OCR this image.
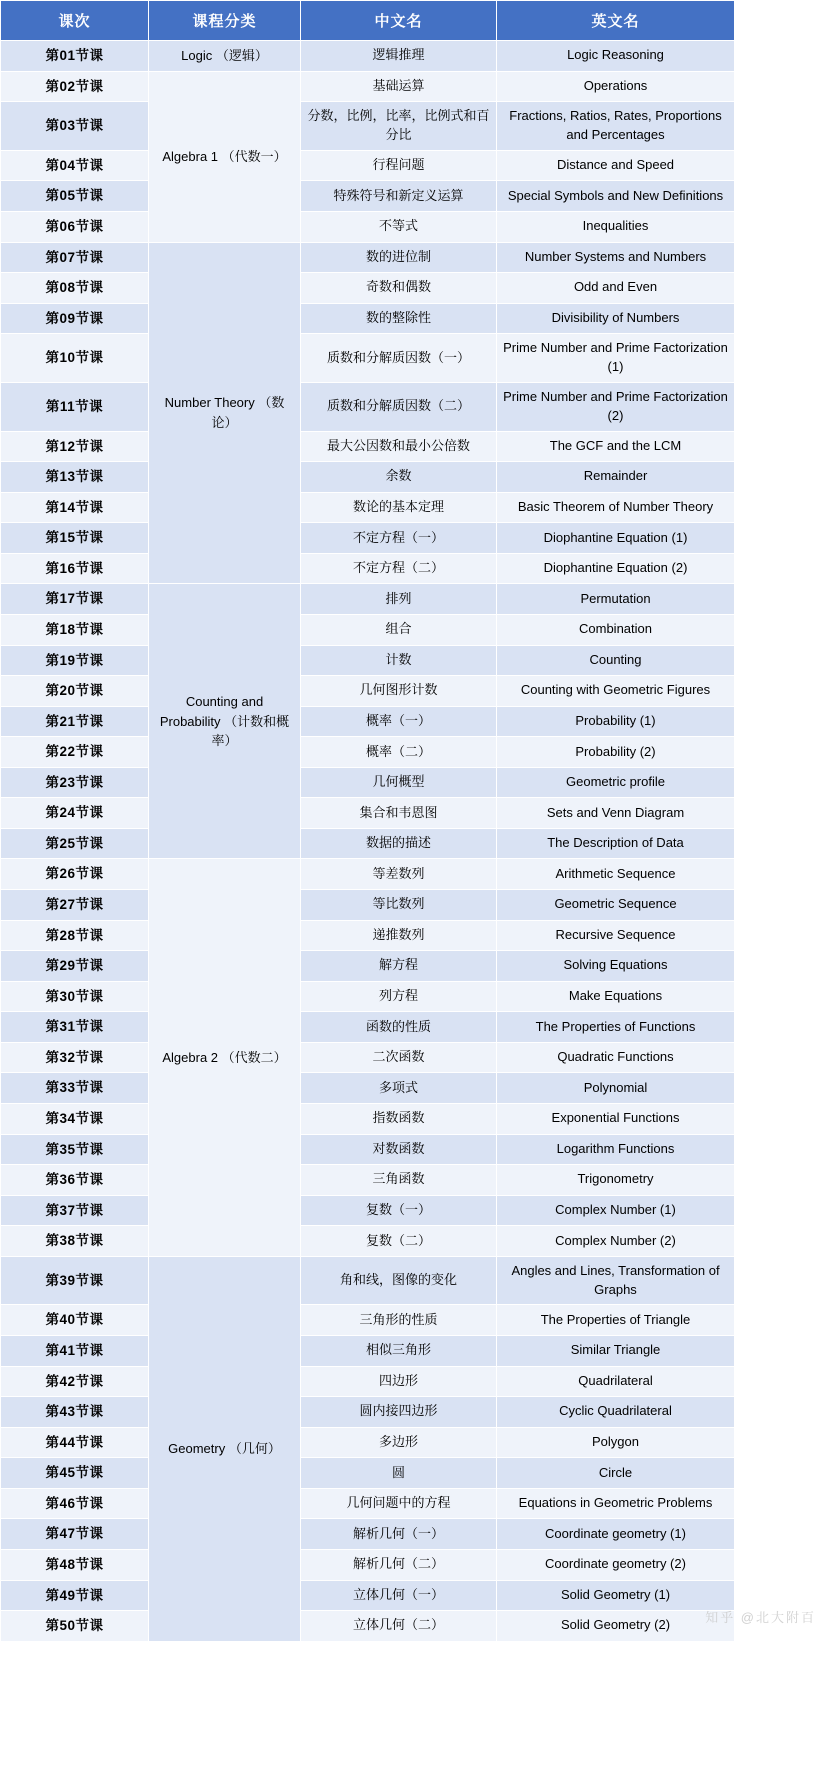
课次	课程分类	中文名	英文名
第01节课	Logic （逻辑）	逻辑推理	Logic Reasoning
第02节课	Algebra 1 （代数一）	基础运算	Operations
第03节课		分数，比例，比率，比例式和百分比	Fractions, Ratios, Rates, Proportions and Percentages
第04节课		行程问题	Distance and Speed
第05节课		特殊符号和新定义运算	Special Symbols and New Definitions
第06节课		不等式	Inequalities
第07节课	Number Theory （数论）	数的进位制	Number Systems and Numbers
第08节课		奇数和偶数	Odd and Even
第09节课		数的整除性	Divisibility of Numbers
第10节课		质数和分解质因数（一）	Prime Number and Prime Factorization (1)
第11节课		质数和分解质因数（二）	Prime Number and Prime Factorization (2)
第12节课		最大公因数和最小公倍数	The GCF and the LCM
第13节课		余数	Remainder
第14节课		数论的基本定理	Basic Theorem of Number Theory
第15节课		不定方程（一）	Diophantine Equation (1)
第16节课		不定方程（二）	Diophantine Equation (2)
第17节课	Counting and Probability （计数和概率）	排列	Permutation
第18节课		组合	Combination
第19节课		计数	Counting
第20节课		几何图形计数	Counting with Geometric Figures
第21节课		概率（一）	Probability (1)
第22节课		概率（二）	Probability (2)
第23节课		几何概型	Geometric profile
第24节课		集合和韦恩图	Sets and Venn Diagram
第25节课		数据的描述	The Description of Data
第26节课	Algebra 2 （代数二）	等差数列	Arithmetic Sequence
第27节课		等比数列	Geometric Sequence
第28节课		递推数列	Recursive Sequence
第29节课		解方程	Solving Equations
第30节课		列方程	Make Equations
第31节课		函数的性质	The Properties of Functions
第32节课		二次函数	Quadratic Functions
第33节课		多项式	Polynomial
第34节课		指数函数	Exponential Functions
第35节课		对数函数	Logarithm Functions
第36节课		三角函数	Trigonometry
第37节课		复数（一）	Complex Number (1)
第38节课		复数（二）	Complex Number (2)
第39节课	Geometry （几何）	角和线，图像的变化	Angles and Lines, Transformation of Graphs
第40节课		三角形的性质	The Properties of Triangle
第41节课		相似三角形	Similar Triangle
第42节课		四边形	Quadrilateral
第43节课		圆内接四边形	Cyclic Quadrilateral
第44节课		多边形	Polygon
第45节课		圆	Circle
第46节课		几何问题中的方程	Equations in Geometric Problems
第47节课		解析几何（一）	Coordinate geometry (1)
第48节课		解析几何（二）	Coordinate geometry (2)
第49节课		立体几何（一）	Solid Geometry (1)
第50节课		立体几何（二）	Solid Geometry (2)
知乎 @北大附百
